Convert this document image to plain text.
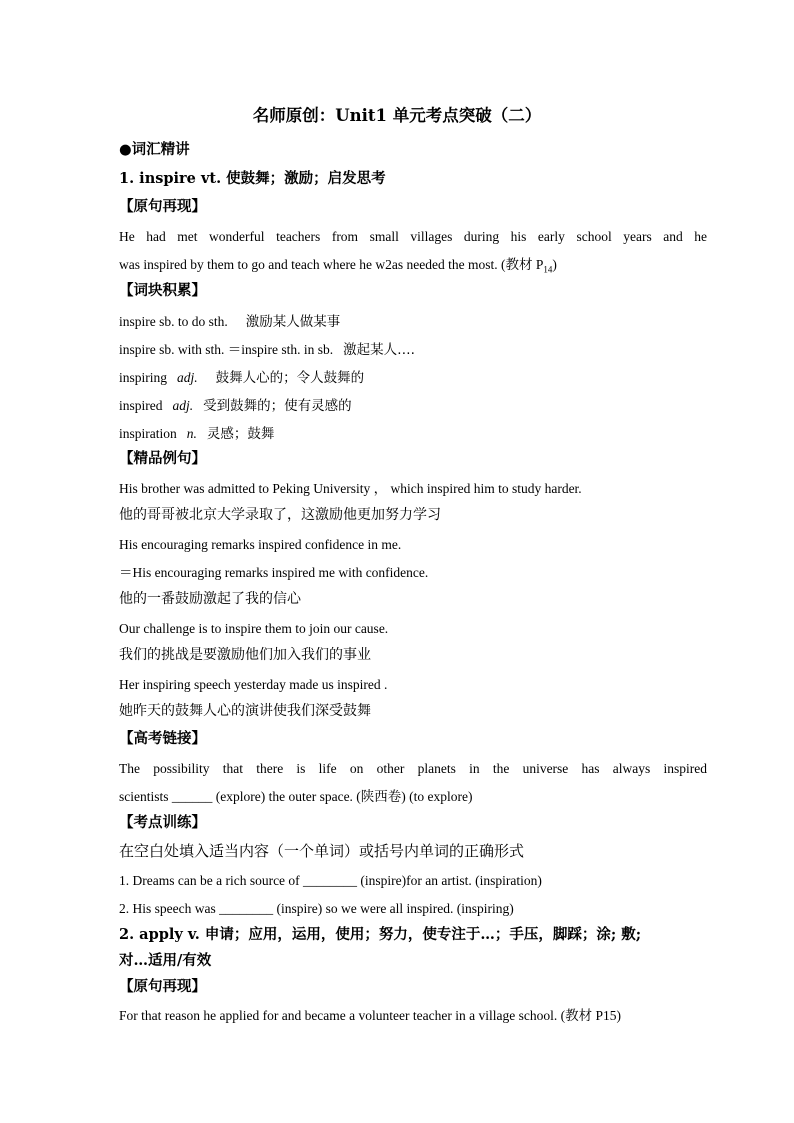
名师原创：Unit1 单元考点突破（二）
●词汇精讲
1. inspire vt. 使鼓舞；激励；启发思考
【原句再现】
He had met wonderful teachers from small villages during his early school years and he
was inspired by them to go and teach where he w2as needed the most. (教材 $P_{14}$)
【词块积累】
inspire sb. to do sth. 激励某人做某事
inspire sb. with sth. ＝inspire sth. in sb. 激起某人….
inspiring adj. 鼓舞人心的；令人鼓舞的
inspired adj. 受到鼓舞的；使有灵感的
inspiration n. 灵感；鼓舞
【精品例句】
His brother was admitted to Peking University ， which inspired him to study harder.
他的哥哥被北京大学录取了，这激励他更加努力学习
His encouraging remarks inspired confidence in me.
＝His encouraging remarks inspired me with confidence.
他的一番鼓励激起了我的信心
Our challenge is to inspire them to join our cause.
我们的挑战是要激励他们加入我们的事业
Her inspiring speech yesterday made us inspired .
她昨天的鼓舞人心的演讲使我们深受鼓舞
【高考链接】
The possibility that there is life on other planets in the universe has always inspired
scientists ______ (explore) the outer space. (陕西卷) (to explore)
【考点训练】
在空白处填入适当内容（一个单词）或括号内单词的正确形式
1. Dreams can be a rich source of ________ (inspire)for an artist. (inspiration)
2. His speech was ________ (inspire) so we were all inspired. (inspiring)
2. apply v. 申请；应用，运用，使用；努力，使专注于…；手压，脚踩；涂; 敷;
对…适用/有效
【原句再现】
For that reason he applied for and became a volunteer teacher in a village school. (教材 P15)
